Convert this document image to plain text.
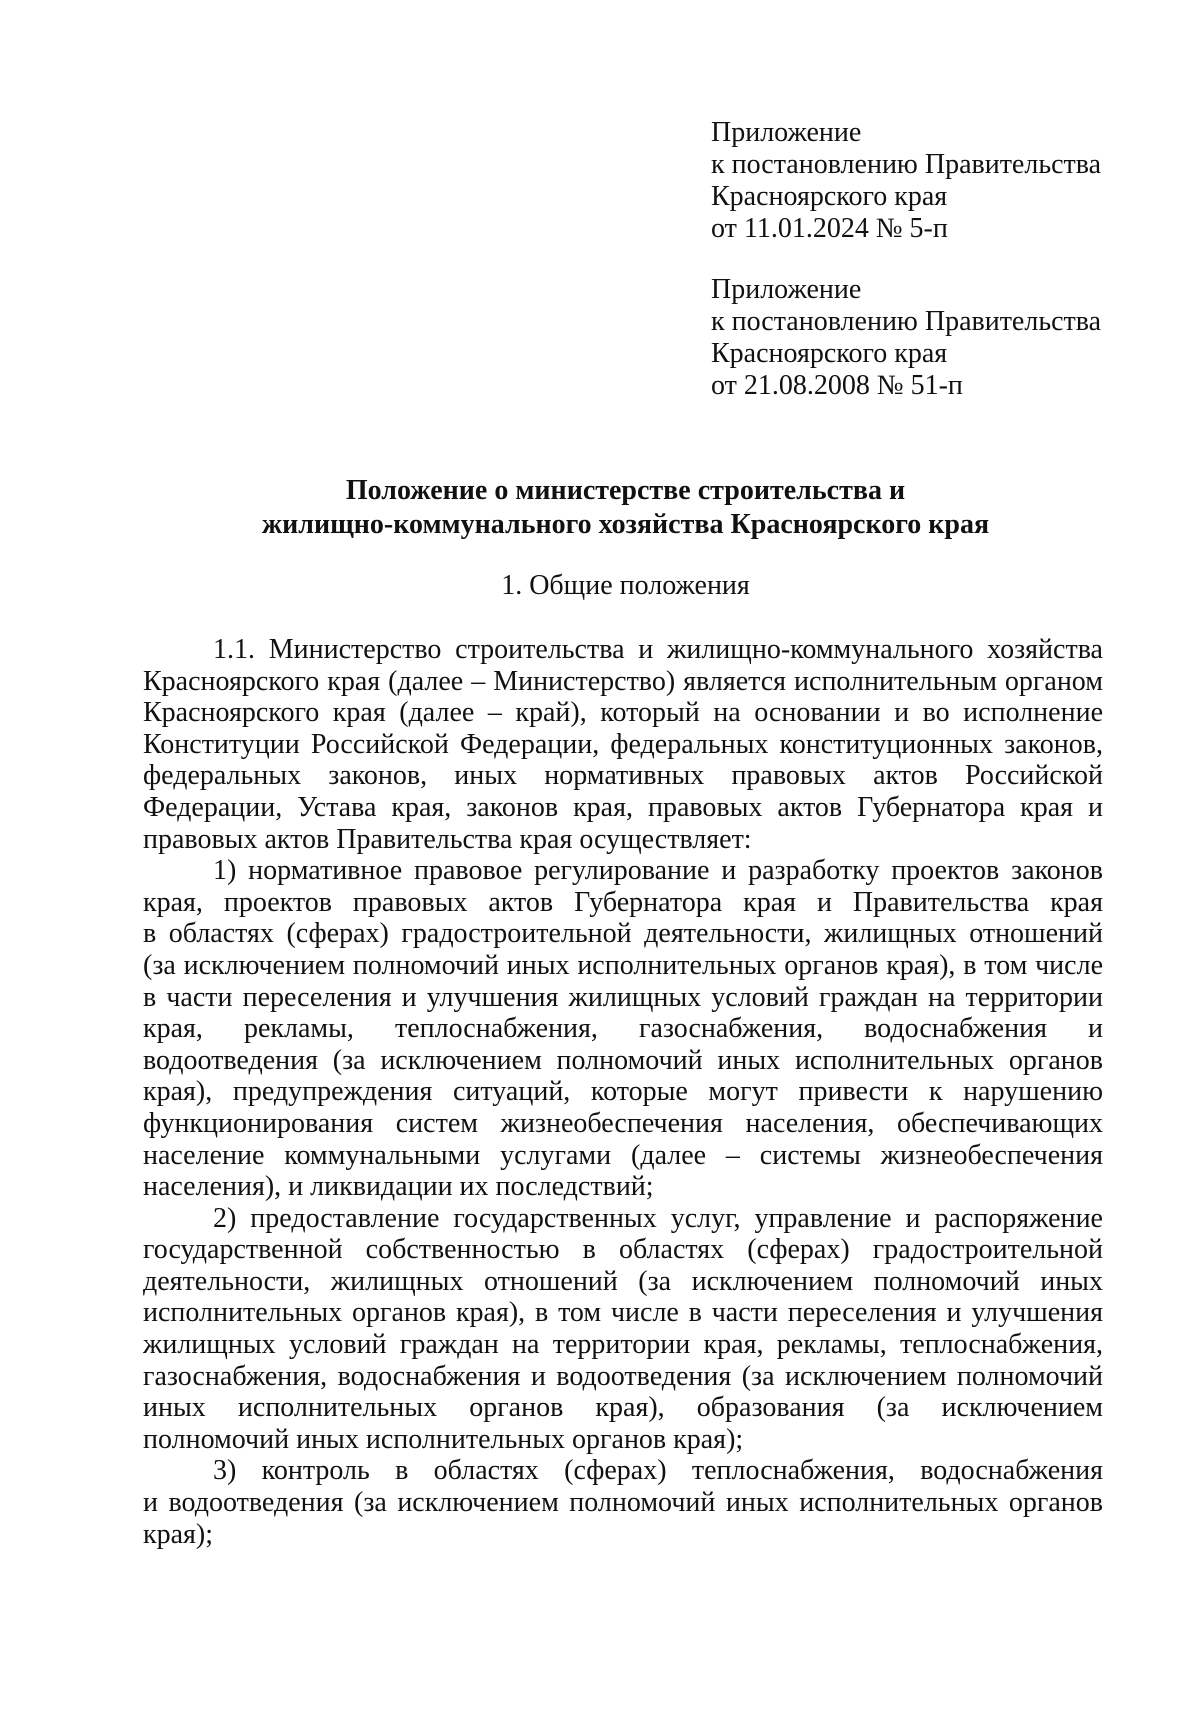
Приложение
к постановлению Правительства
Красноярского края
от 11.01.2024 № 5-п
Приложение
к постановлению Правительства
Красноярского края
от 21.08.2008 № 51-п
Положение о министерстве строительства и
жилищно-коммунального хозяйства Красноярского края
1. Общие положения
1.1. Министерство строительства и жилищно-коммунального хозяйства
Красноярского края (далее – Министерство) является исполнительным органом
Красноярского края (далее – край), который на основании и во исполнение
Конституции Российской Федерации, федеральных конституционных законов,
федеральных законов, иных нормативных правовых актов Российской
Федерации, Устава края, законов края, правовых актов Губернатора края и
правовых актов Правительства края осуществляет:
1) нормативное правовое регулирование и разработку проектов законов
края, проектов правовых актов Губернатора края и Правительства края
в областях (сферах) градостроительной деятельности, жилищных отношений
(за исключением полномочий иных исполнительных органов края), в том числе
в части переселения и улучшения жилищных условий граждан на территории
края, рекламы, теплоснабжения, газоснабжения, водоснабжения и
водоотведения (за исключением полномочий иных исполнительных органов
края), предупреждения ситуаций, которые могут привести к нарушению
функционирования систем жизнеобеспечения населения, обеспечивающих
население коммунальными услугами (далее – системы жизнеобеспечения
населения), и ликвидации их последствий;
2) предоставление государственных услуг, управление и распоряжение
государственной собственностью в областях (сферах) градостроительной
деятельности, жилищных отношений (за исключением полномочий иных
исполнительных органов края), в том числе в части переселения и улучшения
жилищных условий граждан на территории края, рекламы, теплоснабжения,
газоснабжения, водоснабжения и водоотведения (за исключением полномочий
иных исполнительных органов края), образования (за исключением
полномочий иных исполнительных органов края);
3) контроль в областях (сферах) теплоснабжения, водоснабжения
и водоотведения (за исключением полномочий иных исполнительных органов
края);
